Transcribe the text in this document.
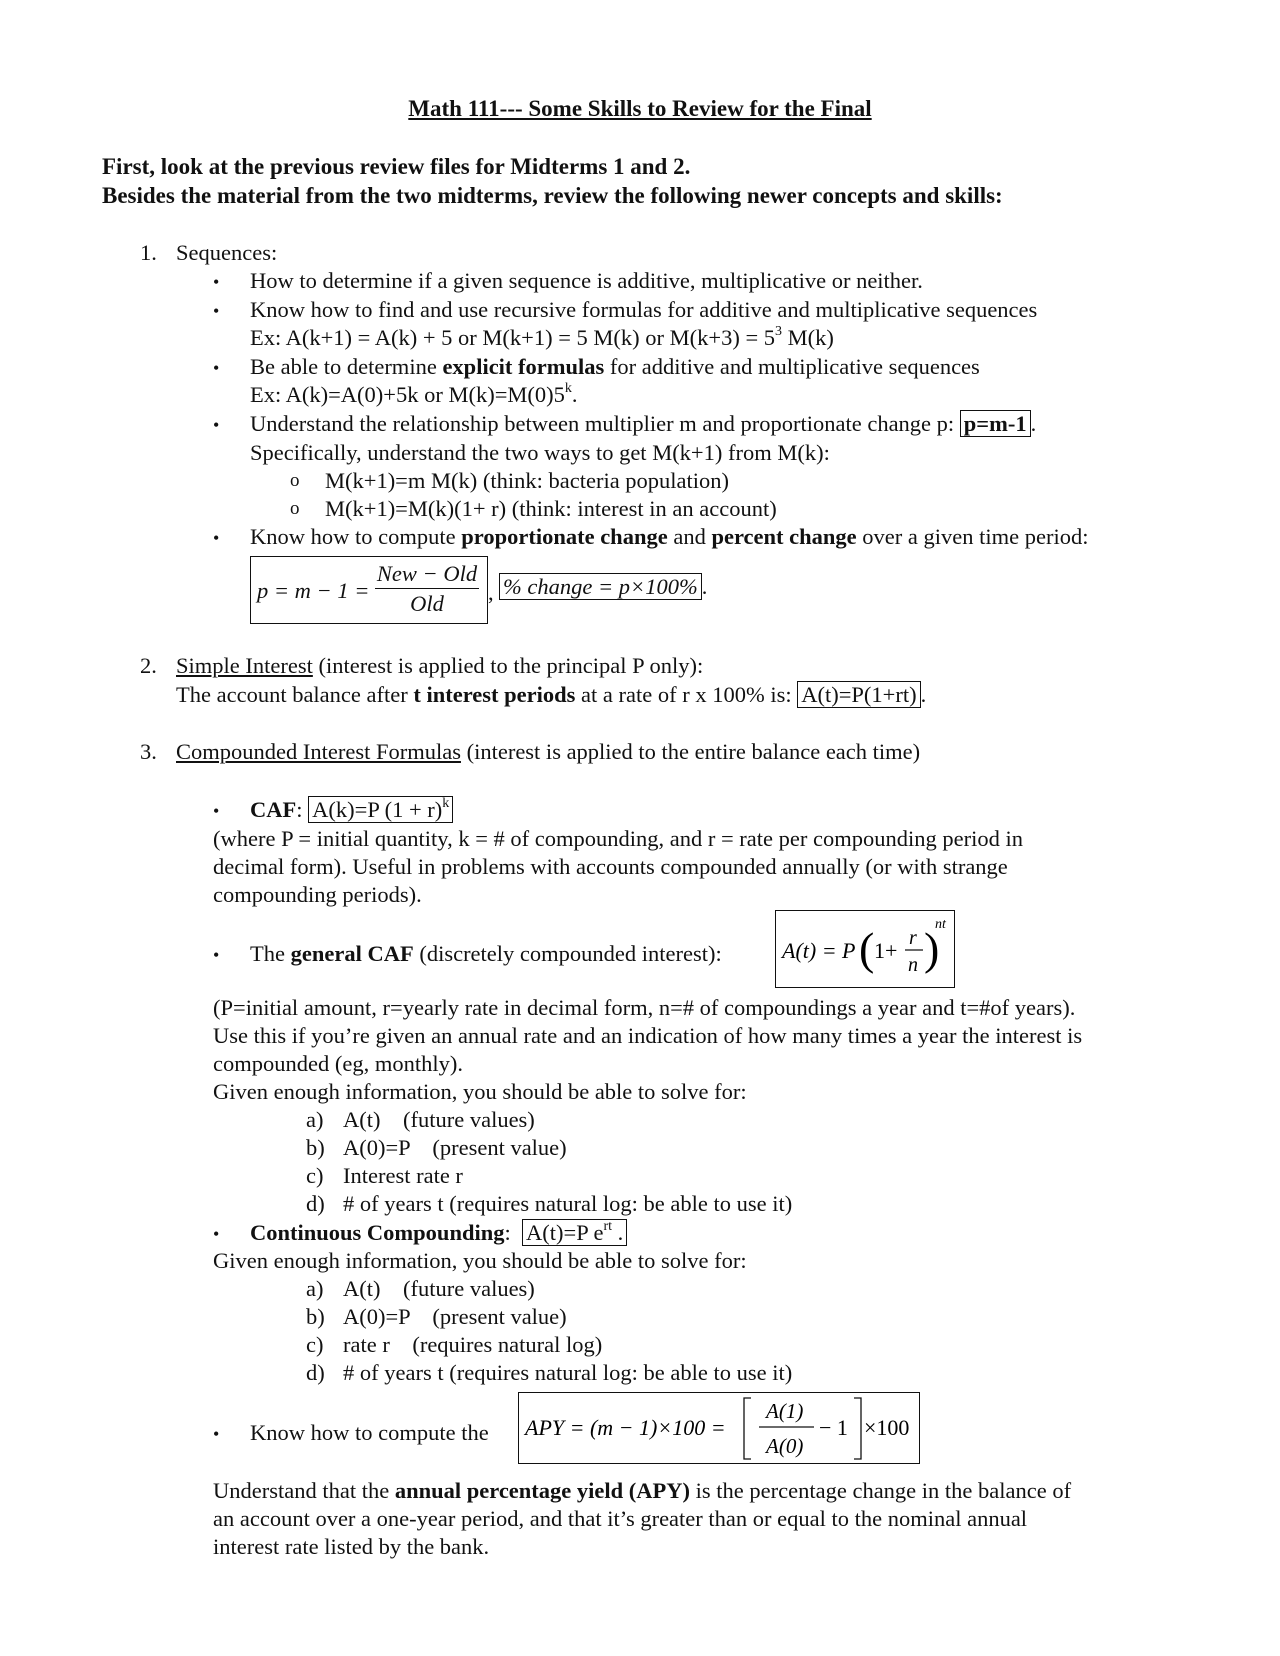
Math 111--- Some Skills to Review for the Final
First, look at the previous review files for Midterms 1 and 2.
Besides the material from the two midterms, review the following newer concepts and skills:
1. Sequences:
• How to determine if a given sequence is additive, multiplicative or neither.
• Know how to find and use recursive formulas for additive and multiplicative sequences
Ex: A(k+1) = A(k) + 5 or M(k+1) = 5 M(k) or $M(k+3) = 5^3$ M(k)
• Be able to determine explicit formulas for additive and multiplicative sequences
Ex: A(k)=A(0)+5k or $M(k)=M(0)5^k$.
• Understand the relationship between multiplier m and proportionate change p: p=m-1 .
Specifically, understand the two ways to get M(k+1) from M(k):
o M(k+1)=m M(k) (think: bacteria population)
o M(k+1)=M(k)(1+ r) (think: interest in an account)
• Know how to compute proportionate change and percent change over a given time period:
$p = m - 1 = \frac{\text{New − Old}}{\text{Old}}$ , % change = p×100% .
2. Simple Interest (interest is applied to the principal P only):
The account balance after t interest periods at a rate of r x 100% is: A(t)=P(1+rt) .
3. Compounded Interest Formulas (interest is applied to the entire balance each time)
• CAF: A(k)=P $(1 + r)^k$
(where P = initial quantity, k = # of compounding, and r = rate per compounding period in
decimal form). Useful in problems with accounts compounded annually (or with strange
compounding periods).
• The general CAF (discretely compounded interest):	A(t) = P ( 1+ r
n )
nt
(P=initial amount, r=yearly rate in decimal form, n=# of compoundings a year and t=#of years).
Use this if you’re given an annual rate and an indication of how many times a year the interest is
compounded (eg, monthly).
Given enough information, you should be able to solve for:
a) A(t)    (future values)
b) A(0)=P    (present value)
c) Interest rate r
d) # of years t (requires natural log: be able to use it)
• Continuous Compounding:  A(t)=P $e^{rt}$ .
Given enough information, you should be able to solve for:
a) A(t)    (future values)
b) A(0)=P    (present value)
c) rate r    (requires natural log)
d) # of years t (requires natural log: be able to use it)
• Know how to compute the APY = (m − 1)×100 =
A(1)
A(0)
− 1 ×100
Understand that the annual percentage yield (APY) is the percentage change in the balance of
an account over a one-year period, and that it’s greater than or equal to the nominal annual
interest rate listed by the bank.
